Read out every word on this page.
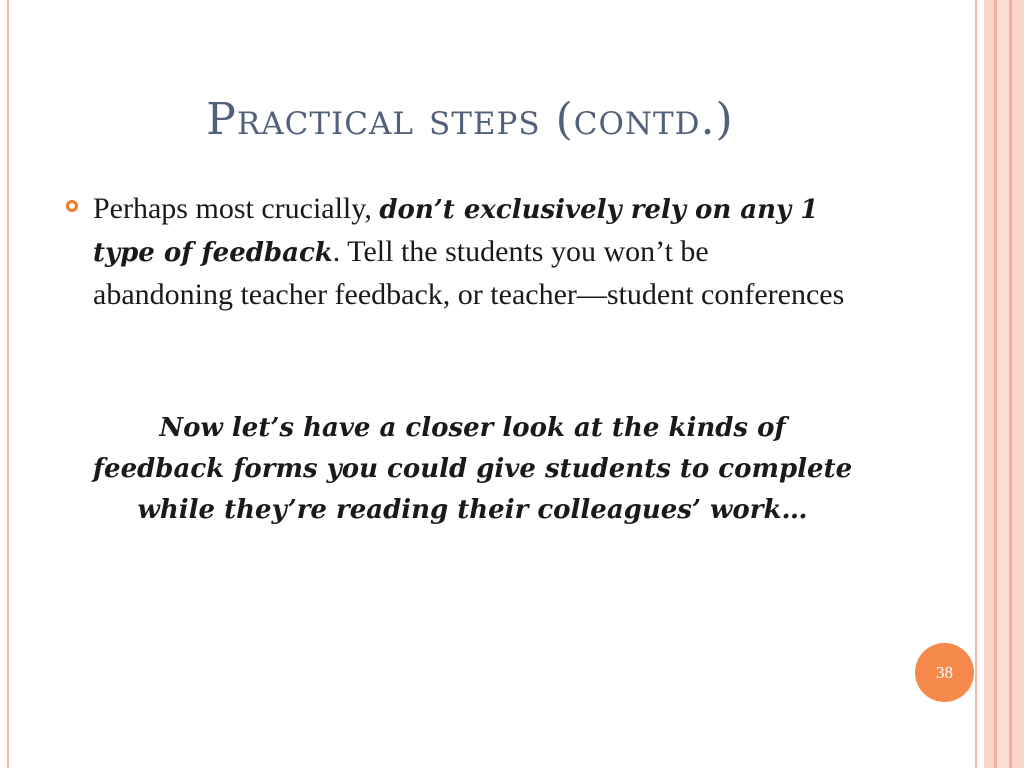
Practical steps (contd.)
Perhaps most crucially, don’t exclusively rely on any 1 type of feedback. Tell the students you won’t be abandoning teacher feedback, or teacher—student conferences

Now let’s have a closer look at the kinds of feedback forms you could give students to complete while they’re reading their colleagues’ work…

38
